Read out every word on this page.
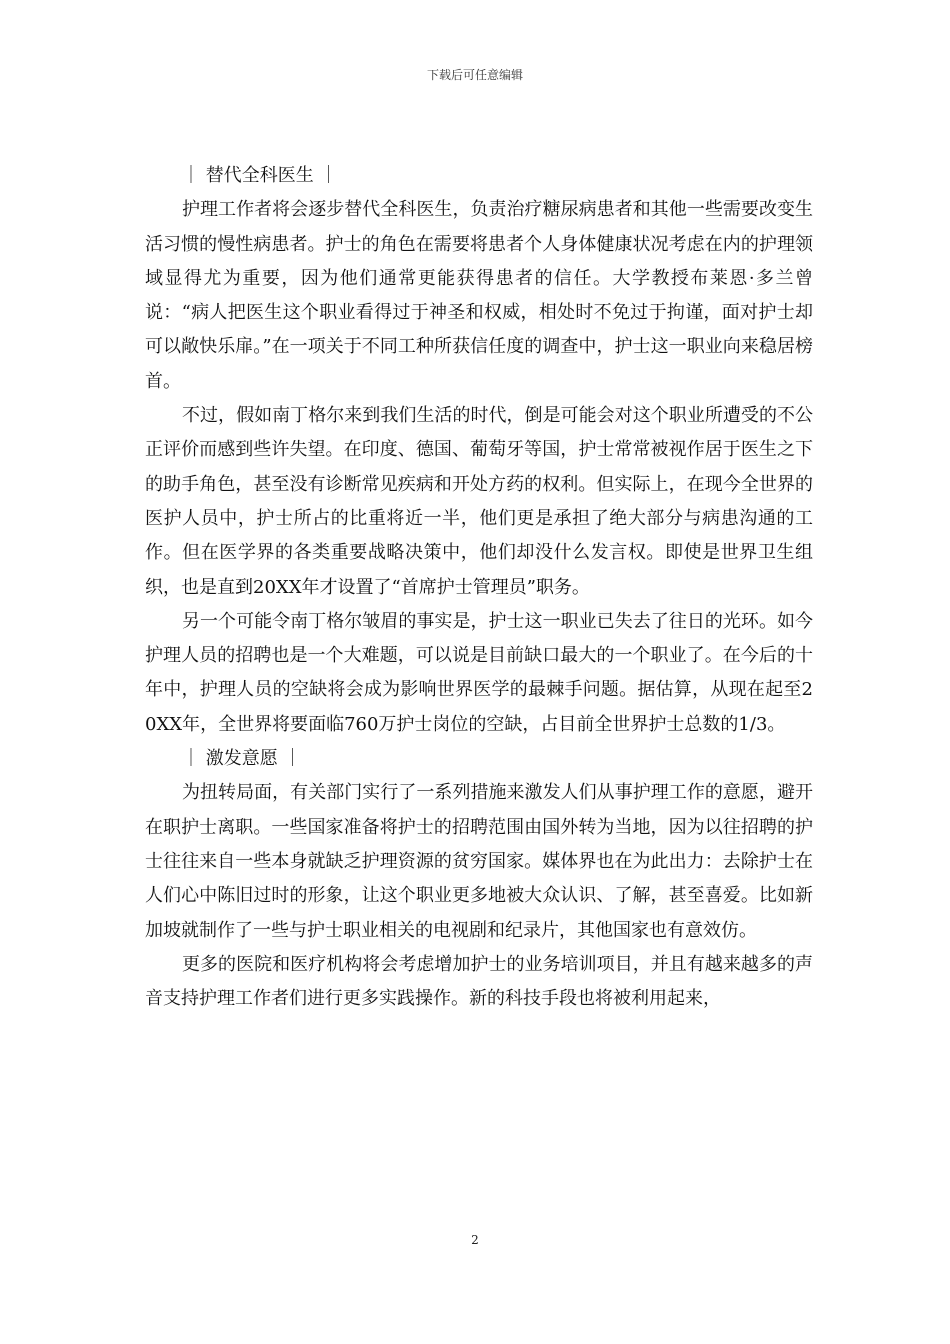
下载后可任意编辑

｜ 替代全科医生 ｜

护理工作者将会逐步替代全科医生，负责治疗糖尿病患者和其他一些需要改变生活习惯的慢性病患者。护士的角色在需要将患者个人身体健康状况考虑在内的护理领域显得尤为重要，因为他们通常更能获得患者的信任。大学教授布莱恩·多兰曾说：“病人把医生这个职业看得过于神圣和权威，相处时不免过于拘谨，面对护士却可以敞快乐扉。”在一项关于不同工种所获信任度的调查中，护士这一职业向来稳居榜首。

不过，假如南丁格尔来到我们生活的时代，倒是可能会对这个职业所遭受的不公正评价而感到些许失望。在印度、德国、葡萄牙等国，护士常常被视作居于医生之下的助手角色，甚至没有诊断常见疾病和开处方药的权利。但实际上，在现今全世界的医护人员中，护士所占的比重将近一半，他们更是承担了绝大部分与病患沟通的工作。但在医学界的各类重要战略决策中，他们却没什么发言权。即使是世界卫生组织，也是直到20XX年才设置了“首席护士管理员”职务。

另一个可能令南丁格尔皱眉的事实是，护士这一职业已失去了往日的光环。如今护理人员的招聘也是一个大难题，可以说是目前缺口最大的一个职业了。在今后的十年中，护理人员的空缺将会成为影响世界医学的最棘手问题。据估算，从现在起至20XX年，全世界将要面临760万护士岗位的空缺，占目前全世界护士总数的1/3。

｜ 激发意愿 ｜

为扭转局面，有关部门实行了一系列措施来激发人们从事护理工作的意愿，避开在职护士离职。一些国家准备将护士的招聘范围由国外转为当地，因为以往招聘的护士往往来自一些本身就缺乏护理资源的贫穷国家。媒体界也在为此出力：去除护士在人们心中陈旧过时的形象，让这个职业更多地被大众认识、了解，甚至喜爱。比如新加坡就制作了一些与护士职业相关的电视剧和纪录片，其他国家也有意效仿。

更多的医院和医疗机构将会考虑增加护士的业务培训项目，并且有越来越多的声音支持护理工作者们进行更多实践操作。新的科技手段也将被利用起来，

2
